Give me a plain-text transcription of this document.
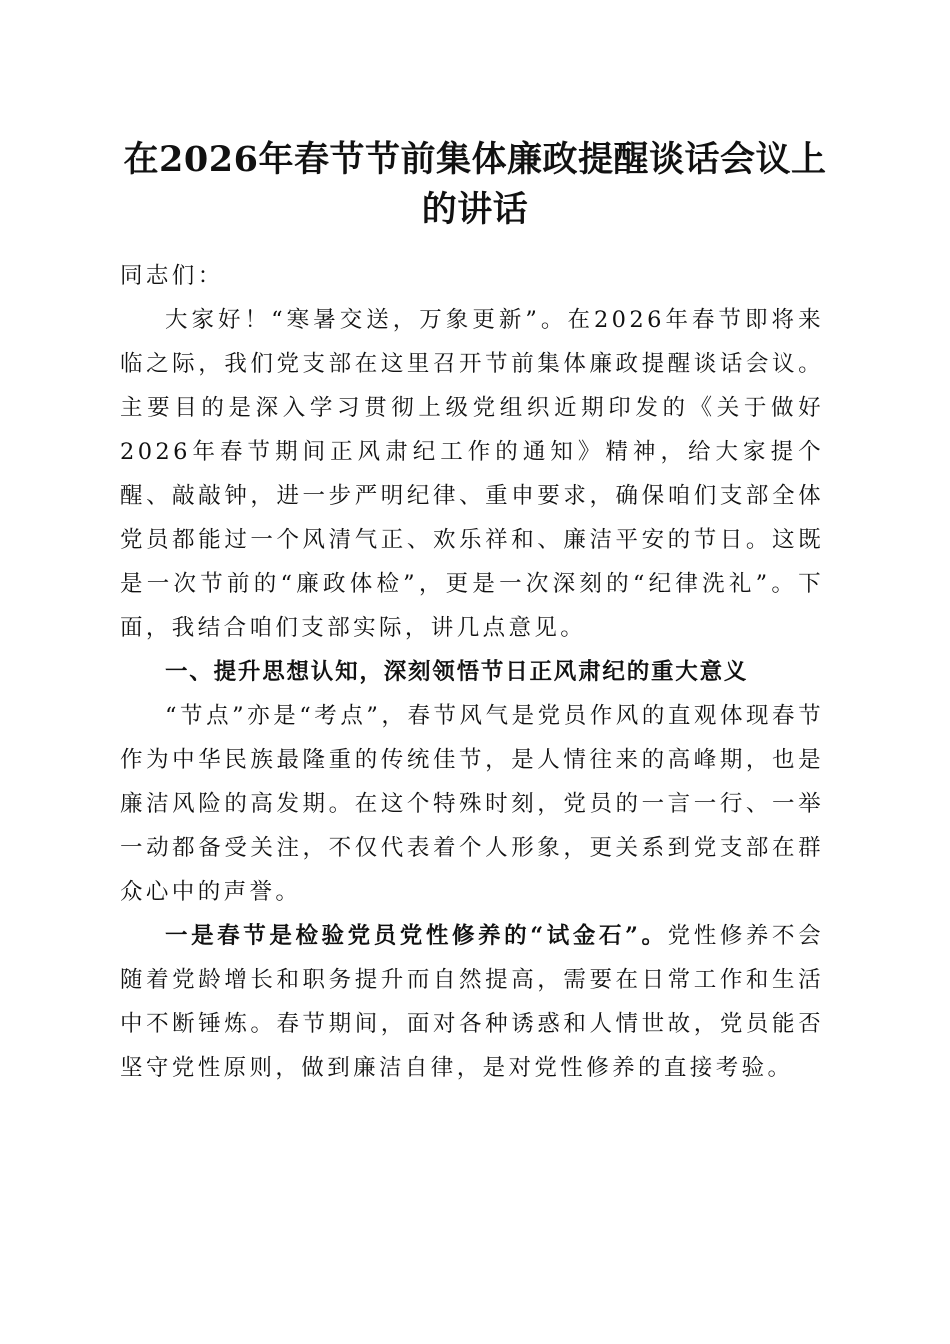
在2026年春节节前集体廉政提醒谈话会议上的讲话

同志们：

大家好！“寒暑交送，万象更新”。在2026年春节即将来临之际，我们党支部在这里召开节前集体廉政提醒谈话会议。主要目的是深入学习贯彻上级党组织近期印发的《关于做好2026年春节期间正风肃纪工作的通知》精神，给大家提个醒、敲敲钟，进一步严明纪律、重申要求，确保咱们支部全体党员都能过一个风清气正、欢乐祥和、廉洁平安的节日。这既是一次节前的“廉政体检”，更是一次深刻的“纪律洗礼”。下面，我结合咱们支部实际，讲几点意见。

一、提升思想认知，深刻领悟节日正风肃纪的重大意义

“节点”亦是“考点”，春节风气是党员作风的直观体现春节作为中华民族最隆重的传统佳节，是人情往来的高峰期，也是廉洁风险的高发期。在这个特殊时刻，党员的一言一行、一举一动都备受关注，不仅代表着个人形象，更关系到党支部在群众心中的声誉。

一是春节是检验党员党性修养的“试金石”。党性修养不会随着党龄增长和职务提升而自然提高，需要在日常工作和生活中不断锤炼。春节期间，面对各种诱惑和人情世故，党员能否坚守党性原则，做到廉洁自律，是对党性修养的直接考验。
